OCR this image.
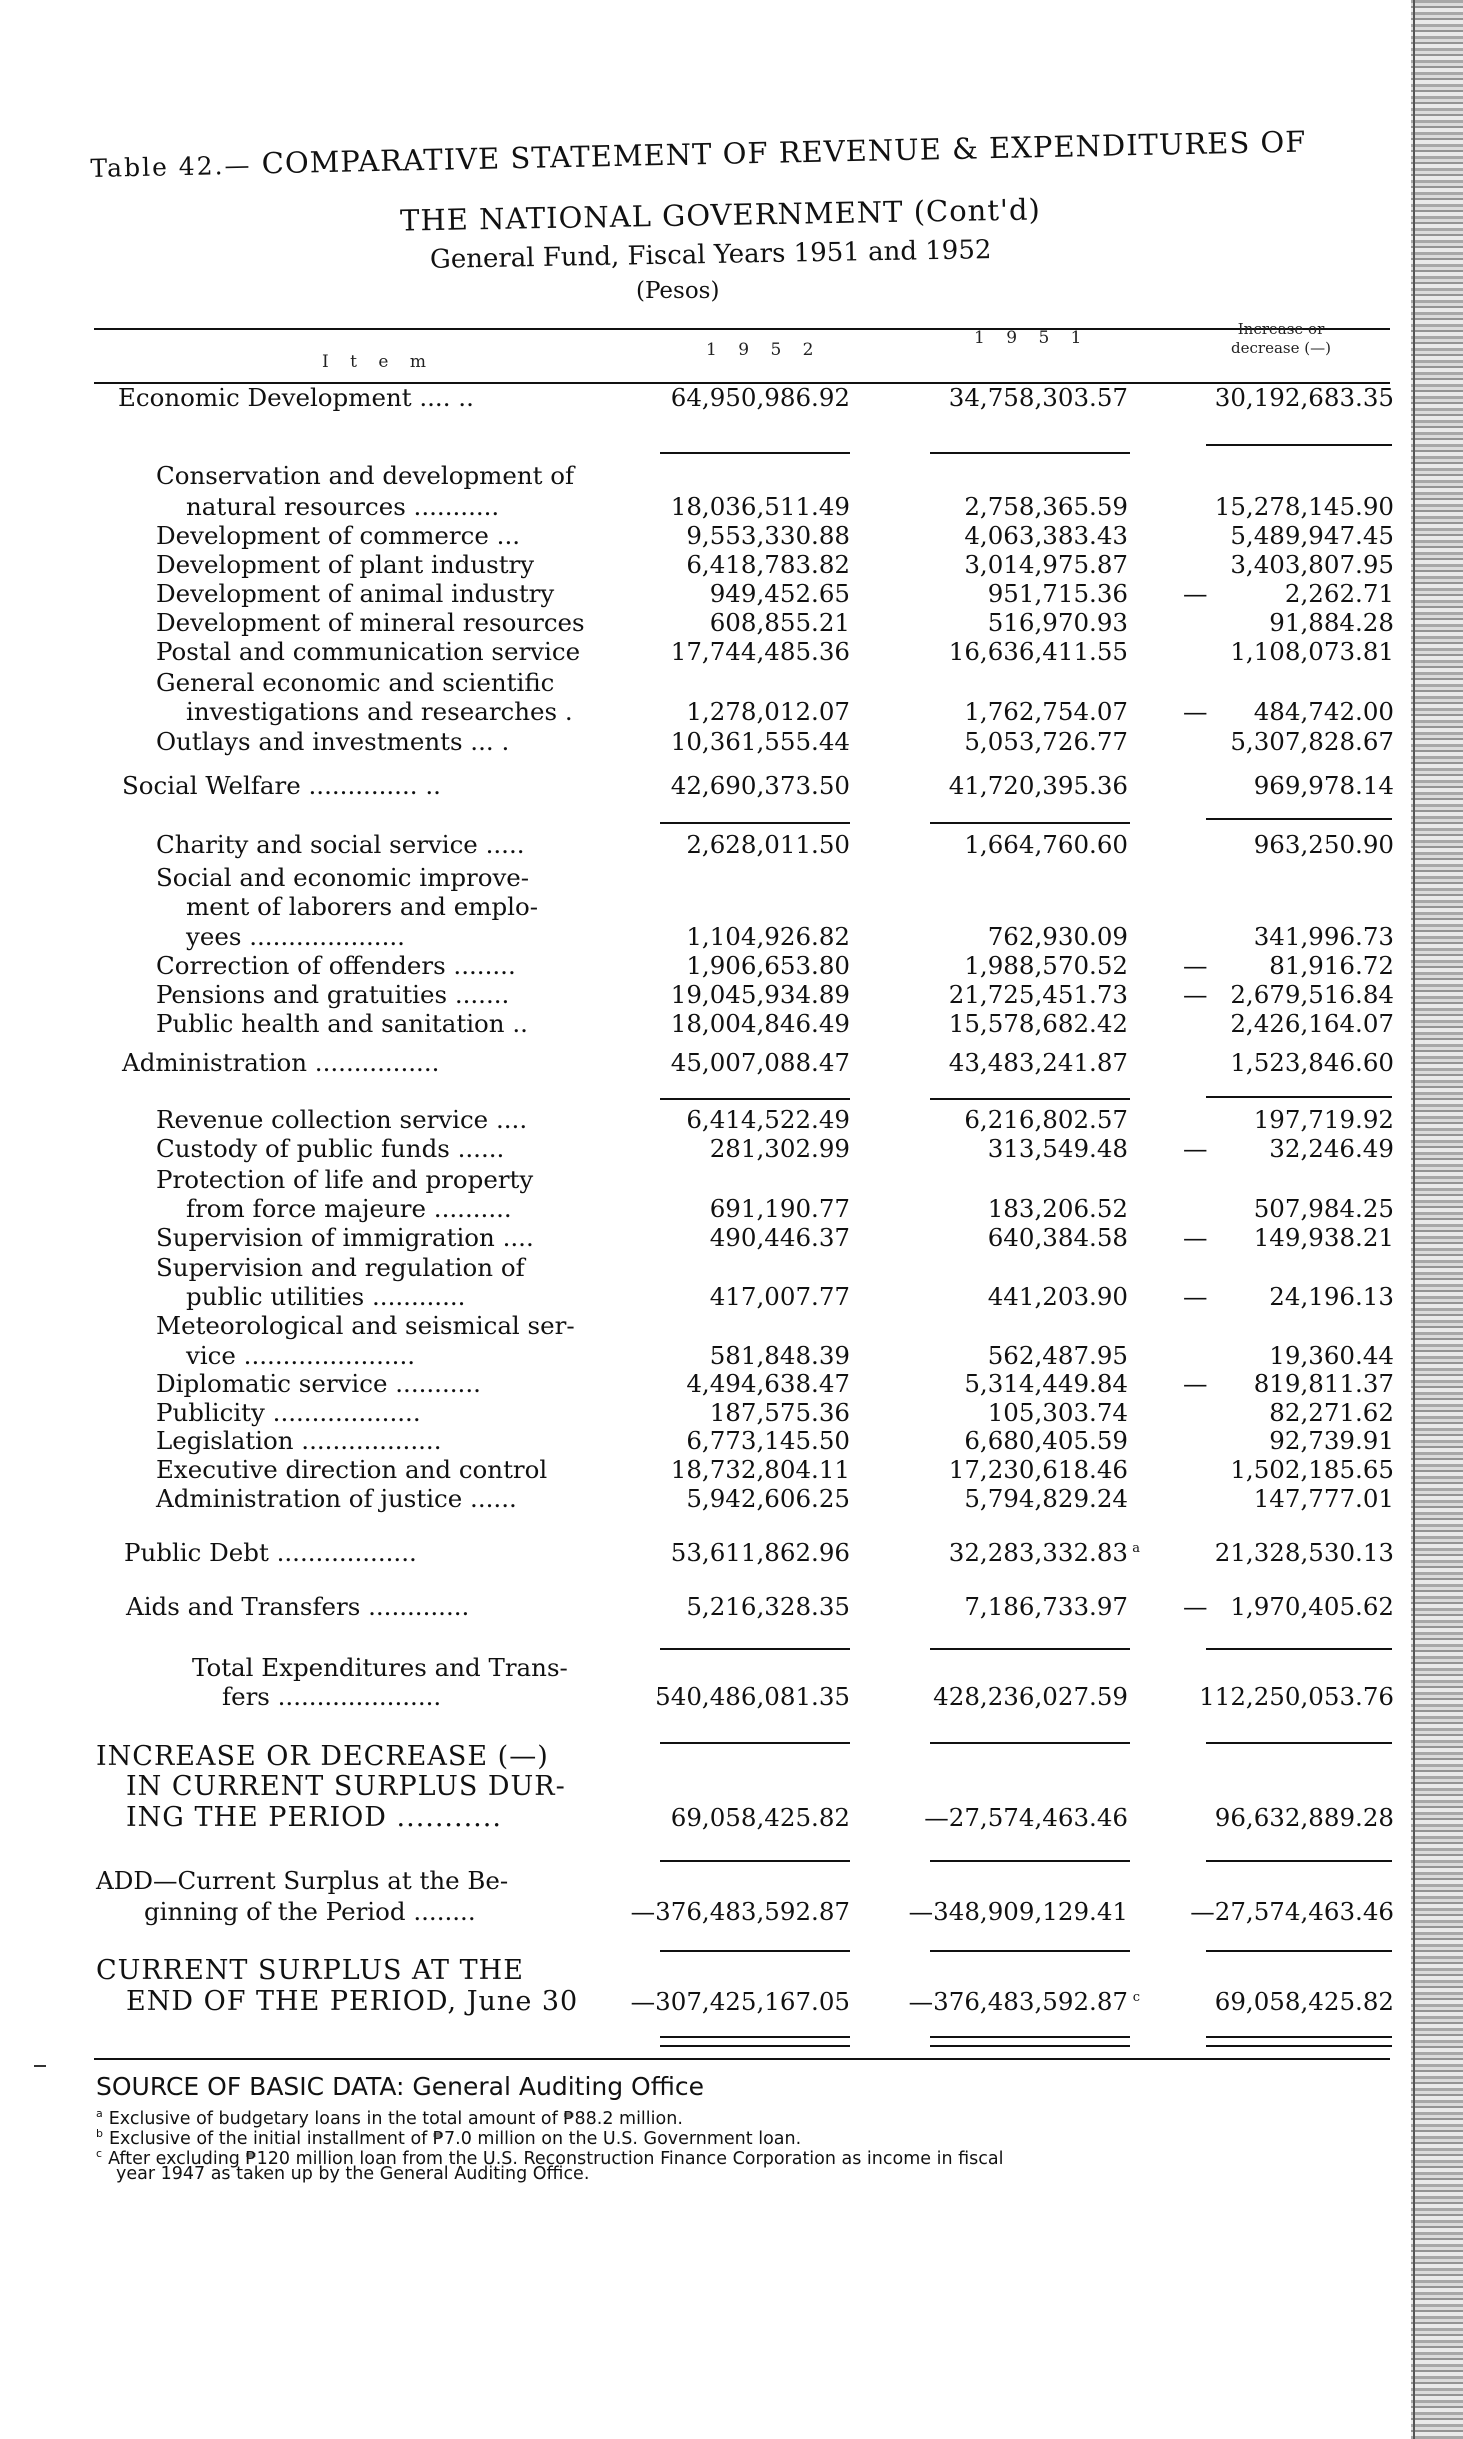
Table 42.— COMPARATIVE STATEMENT OF REVENUE & EXPENDITURES OF
THE NATIONAL GOVERNMENT (Cont'd)
General Fund, Fiscal Years 1951 and 1952
(Pesos)
I t e m
1 9 5 2
1 9 5 1	Increase or
decrease (—)
Economic Development .... ..	64,950,986.92	34,758,303.57	30,192,683.35
Conservation and development of
natural resources ...........	18,036,511.49	2,758,365.59	15,278,145.90
Development of commerce ...	9,553,330.88	4,063,383.43	5,489,947.45
Development of plant industry	6,418,783.82	3,014,975.87	3,403,807.95
Development of animal industry	949,452.65	951,715.36 —	2,262.71
Development of mineral resources	608,855.21	516,970.93	91,884.28
Postal and communication service	17,744,485.36	16,636,411.55	1,108,073.81
General economic and scientific
investigations and researches .	1,278,012.07	1,762,754.07 — 484,742.00
Outlays and investments ... .	10,361,555.44	5,053,726.77	5,307,828.67
Social Welfare .............. ..	42,690,373.50	41,720,395.36	969,978.14
Charity and social service .....	2,628,011.50	1,664,760.60	963,250.90
Social and economic improve-
ment of laborers and emplo-
yees ....................	1,104,926.82	762,930.09	341,996.73
Correction of offenders ........	1,906,653.80	1,988,570.52 —	81,916.72
Pensions and gratuities .......	19,045,934.89	21,725,451.73 — 2,679,516.84
Public health and sanitation ..	18,004,846.49	15,578,682.42	2,426,164.07
Administration ................	45,007,088.47	43,483,241.87	1,523,846.60
Revenue collection service ....	6,414,522.49	6,216,802.57	197,719.92
Custody of public funds ......	281,302.99	313,549.48 —	32,246.49
Protection of life and property
from force majeure ..........	691,190.77	183,206.52	507,984.25
Supervision of immigration ....	490,446.37	640,384.58 — 149,938.21
Supervision and regulation of
public utilities ............	417,007.77	441,203.90 —	24,196.13
Meteorological and seismical ser-
vice ......................	581,848.39	562,487.95	19,360.44
Diplomatic service ...........	4,494,638.47	5,314,449.84 — 819,811.37
Publicity ...................	187,575.36	105,303.74	82,271.62
Legislation ..................	6,773,145.50	6,680,405.59	92,739.91
Executive direction and control	18,732,804.11	17,230,618.46	1,502,185.65
Administration of justice ......	5,942,606.25	5,794,829.24	147,777.01
Public Debt ..................	53,611,862.96	32,283,332.83 a	21,328,530.13
Aids and Transfers .............	5,216,328.35	7,186,733.97 — 1,970,405.62
Total Expenditures and Trans-
fers .....................	540,486,081.35	428,236,027.59	112,250,053.76
INCREASE OR DECREASE (—)
IN CURRENT SURPLUS DUR-
ING THE PERIOD ...........	69,058,425.82	—27,574,463.46	96,632,889.28
ADD—Current Surplus at the Be-
ginning of the Period ........	—376,483,592.87 —348,909,129.41	—27,574,463.46
CURRENT SURPLUS AT THE
END OF THE PERIOD, June 30 —307,425,167.05 —376,483,592.87 c	69,058,425.82
SOURCE OF BASIC DATA: General Auditing Office
$^a$ Exclusive of budgetary loans in the total amount of ₱88.2 million.
$^b$ Exclusive of the initial installment of ₱7.0 million on the U.S. Government loan.
$^c$ After excluding ₱120 million loan from the U.S. Reconstruction Finance Corporation as income in fiscal
year 1947 as taken up by the General Auditing Office.
